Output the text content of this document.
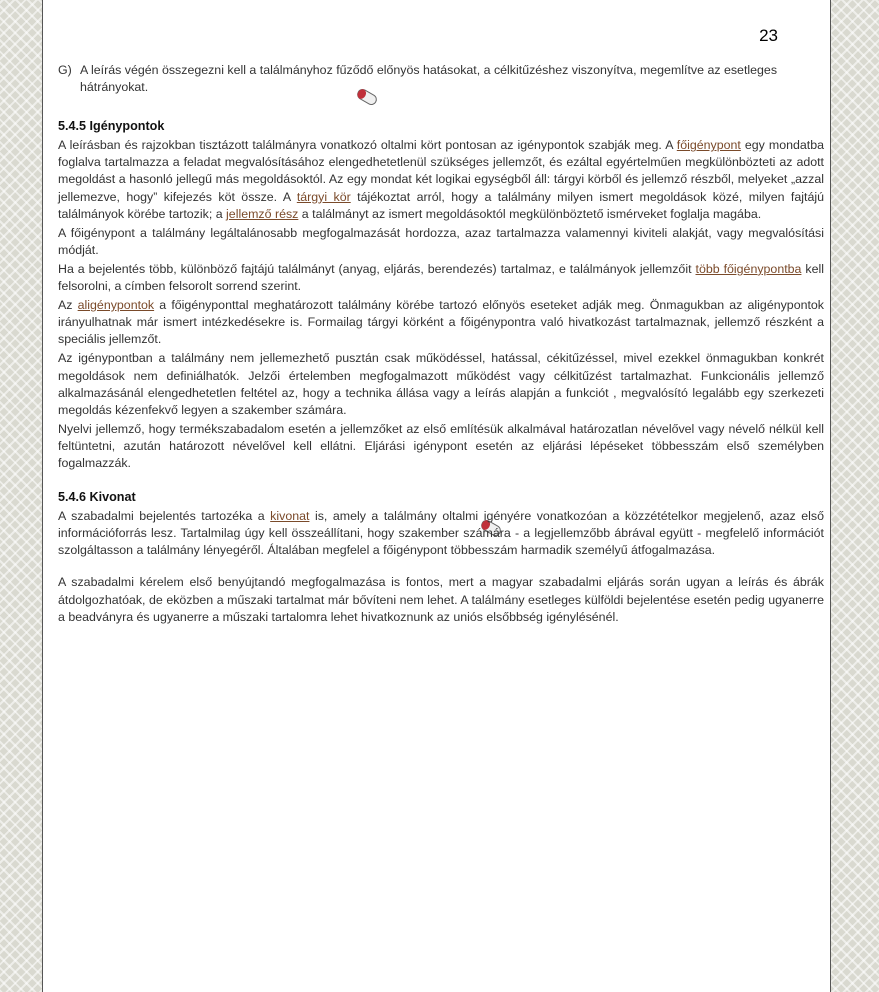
23
G) A leírás végén összegezni kell a találmányhoz fűződő előnyös hatásokat, a célkitűzéshez viszonyítva, megemlítve az esetleges hátrányokat.
5.4.5 Igénypontok

A leírásban és rajzokban tisztázott találmányra vonatkozó oltalmi kört pontosan az igénypontok szabják meg. A főigénypont egy mondatba foglalva tartalmazza a feladat megvalósításához elengedhetetlenül szükséges jellemzőt, és ezáltal egyértelműen megkülönbözteti az adott megoldást a hasonló jellegű más megoldásoktól. Az egy mondat két logikai egységből áll: tárgyi körből és jellemző részből, melyeket „azzal jellemezve, hogy” kifejezés köt össze. A tárgyi kör tájékoztat arról, hogy a találmány milyen ismert megoldások közé, milyen fajtájú találmányok körébe tartozik; a jellemző rész a találmányt az ismert megoldásoktól megkülönböztető ismérveket foglalja magába.

A főigénypont a találmány legáltalánosabb megfogalmazását hordozza, azaz tartalmazza valamennyi kiviteli alakját, vagy megvalósítási módját.

Ha a bejelentés több, különböző fajtájú találmányt (anyag, eljárás, berendezés) tartalmaz, e találmányok jellemzőit több főigénypontba kell felsorolni, a címben felsorolt sorrend szerint.

Az aligénypontok a főigényponttal meghatározott találmány körébe tartozó előnyös eseteket adják meg. Önmagukban az aligénypontok irányulhatnak már ismert intézkedésekre is. Formailag tárgyi körként a főigénypontra való hivatkozást tartalmaznak, jellemző részként a speciális jellemzőt.

Az igénypontban a találmány nem jellemezhető pusztán csak működéssel, hatással, cékitűzéssel, mivel ezekkel önmagukban konkrét megoldások nem definiálhatók. Jelzői értelemben megfogalmazott működést vagy célkitűzést tartalmazhat. Funkcionális jellemző alkalmazásánál elengedhetetlen feltétel az, hogy a technika állása vagy a leírás alapján a funkciót , megvalósító legalább egy szerkezeti megoldás kézenfekvő legyen a szakember számára.

Nyelvi jellemző, hogy termékszabadalom esetén a jellemzőket az első említésük alkalmával határozatlan névelővel vagy névelő nélkül kell feltüntetni, azután határozott névelővel kell ellátni. Eljárási igénypont esetén az eljárási lépéseket többesszám első személyben fogalmazzák.

5.4.6 Kivonat

A szabadalmi bejelentés tartozéka a kivonat is, amely a találmány oltalmi igényére vonatkozóan a közzétételkor megjelenő, azaz első információforrás lesz. Tartalmilag úgy kell összeállítani, hogy szakember számára - a legjellemzőbb ábrával együtt - megfelelő információt szolgáltasson a találmány lényegéről. Általában megfelel a főigénypont többesszám harmadik személyű átfogalmazása.

A szabadalmi kérelem első benyújtandó megfogalmazása is fontos, mert a magyar szabadalmi eljárás során ugyan a leírás és ábrák átdolgozhatóak, de eközben a műszaki tartalmat már bővíteni nem lehet. A találmány esetleges külföldi bejelentése esetén pedig ugyanerre a beadványra és ugyanerre a műszaki tartalomra lehet hivatkoznunk az uniós elsőbbség igénylésénél.
